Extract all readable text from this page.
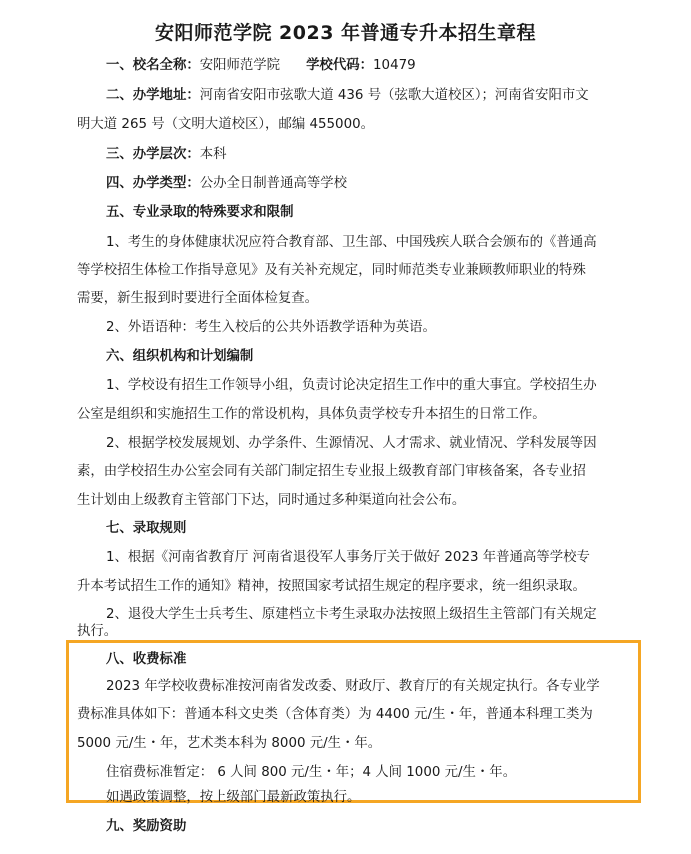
安阳师范学院 2023 年普通专升本招生章程
一、校名全称：安阳师范学院 学校代码：10479
二、办学地址：河南省安阳市弦歌大道 436 号（弦歌大道校区）；河南省安阳市文
明大道 265 号（文明大道校区），邮编 455000。
三、办学层次：本科
四、办学类型：公办全日制普通高等学校
五、专业录取的特殊要求和限制
1、考生的身体健康状况应符合教育部、卫生部、中国残疾人联合会颁布的《普通高
等学校招生体检工作指导意见》及有关补充规定，同时师范类专业兼顾教师职业的特殊
需要，新生报到时要进行全面体检复查。
2、外语语种：考生入校后的公共外语教学语种为英语。
六、组织机构和计划编制
1、学校设有招生工作领导小组，负责讨论决定招生工作中的重大事宜。学校招生办
公室是组织和实施招生工作的常设机构，具体负责学校专升本招生的日常工作。
2、根据学校发展规划、办学条件、生源情况、人才需求、就业情况、学科发展等因
素，由学校招生办公室会同有关部门制定招生专业报上级教育部门审核备案，各专业招
生计划由上级教育主管部门下达，同时通过多种渠道向社会公布。
七、录取规则
1、根据《河南省教育厅 河南省退役军人事务厅关于做好 2023 年普通高等学校专
升本考试招生工作的通知》精神，按照国家考试招生规定的程序要求，统一组织录取。
2、退役大学生士兵考生、原建档立卡考生录取办法按照上级招生主管部门有关规定
执行。
八、收费标准
2023 年学校收费标准按河南省发改委、财政厅、教育厅的有关规定执行。各专业学
费标准具体如下：普通本科文史类（含体育类）为 4400 元/生・年，普通本科理工类为
5000 元/生・年，艺术类本科为 8000 元/生・年。
住宿费标准暂定： 6 人间 800 元/生・年；4 人间 1000 元/生・年。
如遇政策调整，按上级部门最新政策执行。
九、奖励资助
